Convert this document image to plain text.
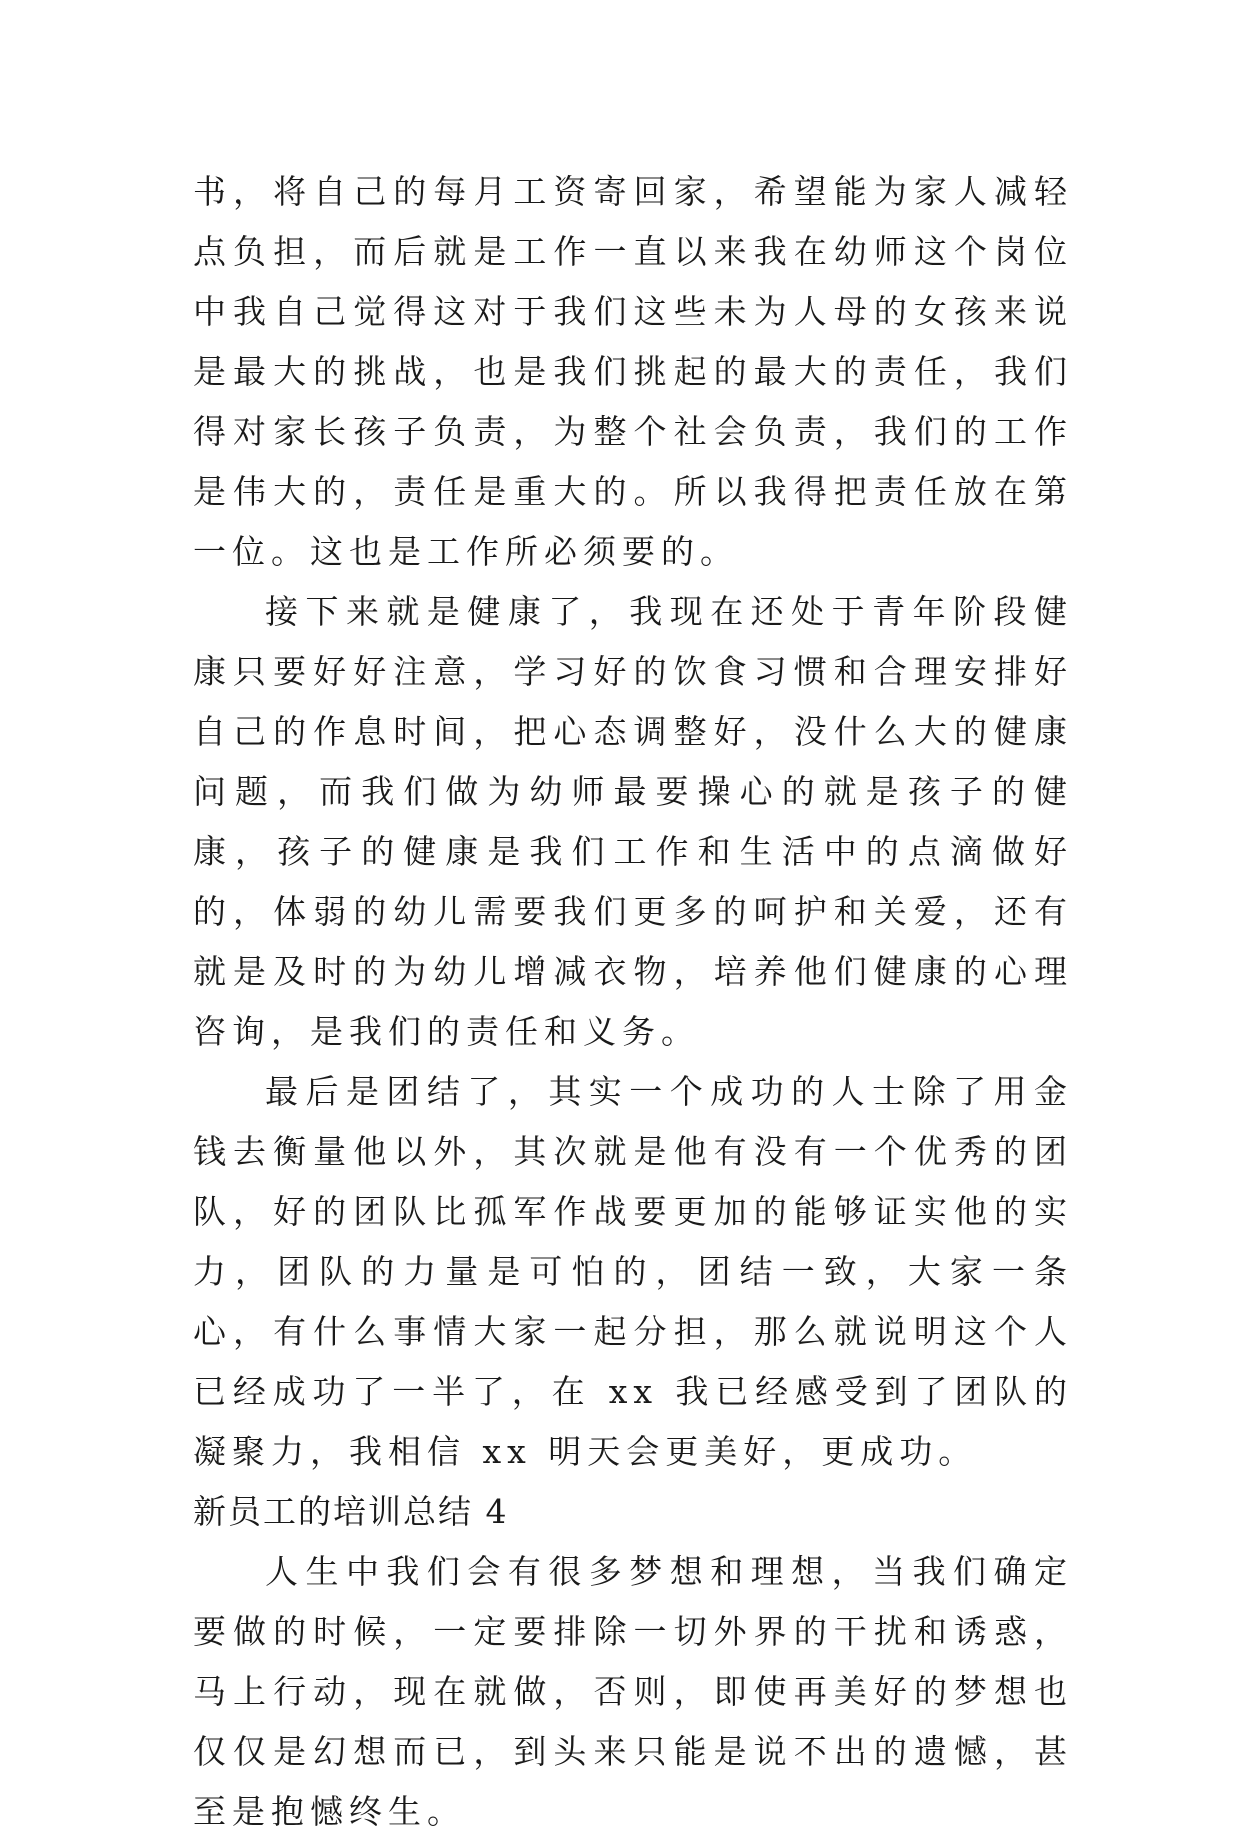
书，将自己的每月工资寄回家，希望能为家人减轻点负担，而后就是工作一直以来我在幼师这个岗位中我自己觉得这对于我们这些未为人母的女孩来说是最大的挑战，也是我们挑起的最大的责任，我们得对家长孩子负责，为整个社会负责，我们的工作是伟大的，责任是重大的。所以我得把责任放在第一位。这也是工作所必须要的。

接下来就是健康了，我现在还处于青年阶段健康只要好好注意，学习好的饮食习惯和合理安排好自己的作息时间，把心态调整好，没什么大的健康问题，而我们做为幼师最要操心的就是孩子的健康，孩子的健康是我们工作和生活中的点滴做好的，体弱的幼儿需要我们更多的呵护和关爱，还有就是及时的为幼儿增减衣物，培养他们健康的心理咨询，是我们的责任和义务。

最后是团结了，其实一个成功的人士除了用金钱去衡量他以外，其次就是他有没有一个优秀的团队，好的团队比孤军作战要更加的能够证实他的实力，团队的力量是可怕的，团结一致，大家一条心，有什么事情大家一起分担，那么就说明这个人已经成功了一半了，在 xx 我已经感受到了团队的凝聚力，我相信 xx 明天会更美好，更成功。

新员工的培训总结 4

人生中我们会有很多梦想和理想，当我们确定要做的时候，一定要排除一切外界的干扰和诱惑，马上行动，现在就做，否则，即使再美好的梦想也仅仅是幻想而已，到头来只能是说不出的遗憾，甚至是抱憾终生。
